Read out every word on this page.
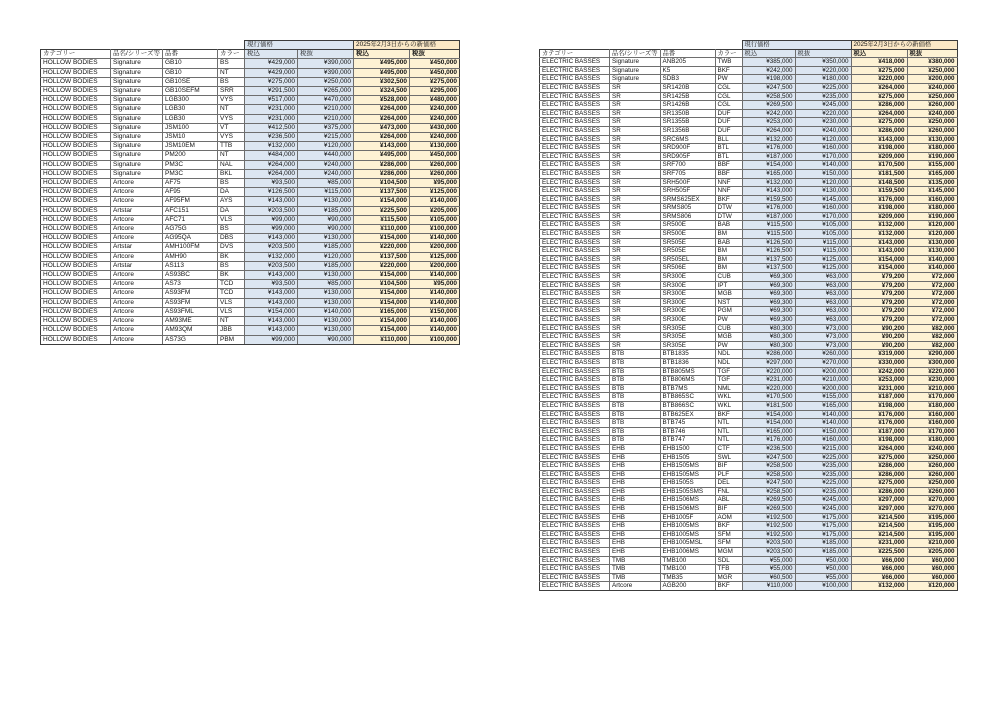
				現行価格		2025年2月3日からの新価格	
カテゴリー	品名/シリーズ等	品番	カラー	税込	税抜	税込	税抜
HOLLOW BODIES	Signature	GB10	BS	¥429,000	¥390,000	¥495,000	¥450,000
HOLLOW BODIES	Signature	GB10	NT	¥429,000	¥390,000	¥495,000	¥450,000
HOLLOW BODIES	Signature	GB10SE	BS	¥275,000	¥250,000	¥302,500	¥275,000
HOLLOW BODIES	Signature	GB10SEFM	SRR	¥291,500	¥265,000	¥324,500	¥295,000
HOLLOW BODIES	Signature	LGB300	VYS	¥517,000	¥470,000	¥528,000	¥480,000
HOLLOW BODIES	Signature	LGB30	NT	¥231,000	¥210,000	¥264,000	¥240,000
HOLLOW BODIES	Signature	LGB30	VYS	¥231,000	¥210,000	¥264,000	¥240,000
HOLLOW BODIES	Signature	JSM100	VT	¥412,500	¥375,000	¥473,000	¥430,000
HOLLOW BODIES	Signature	JSM10	VYS	¥236,500	¥215,000	¥264,000	¥240,000
HOLLOW BODIES	Signature	JSM10EM	TTB	¥132,000	¥120,000	¥143,000	¥130,000
HOLLOW BODIES	Signature	PM200	NT	¥484,000	¥440,000	¥495,000	¥450,000
HOLLOW BODIES	Signature	PM3C	NAL	¥264,000	¥240,000	¥286,000	¥260,000
HOLLOW BODIES	Signature	PM3C	BKL	¥264,000	¥240,000	¥286,000	¥260,000
HOLLOW BODIES	Artcore	AF75	BS	¥93,500	¥85,000	¥104,500	¥95,000
HOLLOW BODIES	Artcore	AF95	DA	¥126,500	¥115,000	¥137,500	¥125,000
HOLLOW BODIES	Artcore	AF95FM	AYS	¥143,000	¥130,000	¥154,000	¥140,000
HOLLOW BODIES	Artstar	AFC151	DA	¥203,500	¥185,000	¥225,500	¥205,000
HOLLOW BODIES	Artcore	AFC71	VLS	¥99,000	¥90,000	¥115,500	¥105,000
HOLLOW BODIES	Artcore	AG75G	BS	¥99,000	¥90,000	¥110,000	¥100,000
HOLLOW BODIES	Artcore	AG95QA	DBS	¥143,000	¥130,000	¥154,000	¥140,000
HOLLOW BODIES	Artstar	AMH100FM	DVS	¥203,500	¥185,000	¥220,000	¥200,000
HOLLOW BODIES	Artcore	AMH90	BK	¥132,000	¥120,000	¥137,500	¥125,000
HOLLOW BODIES	Artstar	AS113	BS	¥203,500	¥185,000	¥220,000	¥200,000
HOLLOW BODIES	Artcore	AS93BC	BK	¥143,000	¥130,000	¥154,000	¥140,000
HOLLOW BODIES	Artcore	AS73	TCD	¥93,500	¥85,000	¥104,500	¥95,000
HOLLOW BODIES	Artcore	AS93FM	TCD	¥143,000	¥130,000	¥154,000	¥140,000
HOLLOW BODIES	Artcore	AS93FM	VLS	¥143,000	¥130,000	¥154,000	¥140,000
HOLLOW BODIES	Artcore	AS93FML	VLS	¥154,000	¥140,000	¥165,000	¥150,000
HOLLOW BODIES	Artcore	AM93ME	NT	¥143,000	¥130,000	¥154,000	¥140,000
HOLLOW BODIES	Artcore	AM93QM	JBB	¥143,000	¥130,000	¥154,000	¥140,000
HOLLOW BODIES	Artcore	AS73G	PBM	¥99,000	¥90,000	¥110,000	¥100,000
				現行価格		2025年2月3日からの新価格	
カテゴリー	品名/シリーズ等	品番	カラー	税込	税抜	税込	税抜
ELECTRIC BASSES	Signature	ANB205	TWB	¥385,000	¥350,000	¥418,000	¥380,000
ELECTRIC BASSES	Signature	K5	BKF	¥242,000	¥220,000	¥275,000	¥250,000
ELECTRIC BASSES	Signature	SDB3	PW	¥198,000	¥180,000	¥220,000	¥200,000
ELECTRIC BASSES	SR	SR1420B	CGL	¥247,500	¥225,000	¥264,000	¥240,000
ELECTRIC BASSES	SR	SR1425B	CGL	¥258,500	¥235,000	¥275,000	¥250,000
ELECTRIC BASSES	SR	SR1426B	CGL	¥269,500	¥245,000	¥286,000	¥260,000
ELECTRIC BASSES	SR	SR1350B	DUF	¥242,000	¥220,000	¥264,000	¥240,000
ELECTRIC BASSES	SR	SR1355B	DUF	¥253,000	¥230,000	¥275,000	¥250,000
ELECTRIC BASSES	SR	SR1356B	DUF	¥264,000	¥240,000	¥286,000	¥260,000
ELECTRIC BASSES	SR	SRC6MS	BLL	¥132,000	¥120,000	¥143,000	¥130,000
ELECTRIC BASSES	SR	SRD900F	BTL	¥176,000	¥160,000	¥198,000	¥180,000
ELECTRIC BASSES	SR	SRD905F	BTL	¥187,000	¥170,000	¥209,000	¥190,000
ELECTRIC BASSES	SR	SRF700	BBF	¥154,000	¥140,000	¥170,500	¥155,000
ELECTRIC BASSES	SR	SRF705	BBF	¥165,000	¥150,000	¥181,500	¥165,000
ELECTRIC BASSES	SR	SRH500F	NNF	¥132,000	¥120,000	¥148,500	¥135,000
ELECTRIC BASSES	SR	SRH505F	NNF	¥143,000	¥130,000	¥159,500	¥145,000
ELECTRIC BASSES	SR	SRMS625EX	BKF	¥159,500	¥145,000	¥176,000	¥160,000
ELECTRIC BASSES	SR	SRMS805	DTW	¥176,000	¥160,000	¥198,000	¥180,000
ELECTRIC BASSES	SR	SRMS806	DTW	¥187,000	¥170,000	¥209,000	¥190,000
ELECTRIC BASSES	SR	SR500E	BAB	¥115,500	¥105,000	¥132,000	¥120,000
ELECTRIC BASSES	SR	SR500E	BM	¥115,500	¥105,000	¥132,000	¥120,000
ELECTRIC BASSES	SR	SR505E	BAB	¥126,500	¥115,000	¥143,000	¥130,000
ELECTRIC BASSES	SR	SR505E	BM	¥126,500	¥115,000	¥143,000	¥130,000
ELECTRIC BASSES	SR	SR505EL	BM	¥137,500	¥125,000	¥154,000	¥140,000
ELECTRIC BASSES	SR	SR506E	BM	¥137,500	¥125,000	¥154,000	¥140,000
ELECTRIC BASSES	SR	SR300E	CUB	¥69,300	¥63,000	¥79,200	¥72,000
ELECTRIC BASSES	SR	SR300E	IPT	¥69,300	¥63,000	¥79,200	¥72,000
ELECTRIC BASSES	SR	SR300E	MGB	¥69,300	¥63,000	¥79,200	¥72,000
ELECTRIC BASSES	SR	SR300E	NST	¥69,300	¥63,000	¥79,200	¥72,000
ELECTRIC BASSES	SR	SR300E	PGM	¥69,300	¥63,000	¥79,200	¥72,000
ELECTRIC BASSES	SR	SR300E	PW	¥69,300	¥63,000	¥79,200	¥72,000
ELECTRIC BASSES	SR	SR305E	CUB	¥80,300	¥73,000	¥90,200	¥82,000
ELECTRIC BASSES	SR	SR305E	MGB	¥80,300	¥73,000	¥90,200	¥82,000
ELECTRIC BASSES	SR	SR305E	PW	¥80,300	¥73,000	¥90,200	¥82,000
ELECTRIC BASSES	BTB	BTB1835	NDL	¥286,000	¥260,000	¥319,000	¥290,000
ELECTRIC BASSES	BTB	BTB1836	NDL	¥297,000	¥270,000	¥330,000	¥300,000
ELECTRIC BASSES	BTB	BTB805MS	TGF	¥220,000	¥200,000	¥242,000	¥220,000
ELECTRIC BASSES	BTB	BTB806MS	TGF	¥231,000	¥210,000	¥253,000	¥230,000
ELECTRIC BASSES	BTB	BTB7MS	NML	¥220,000	¥200,000	¥231,000	¥210,000
ELECTRIC BASSES	BTB	BTB865SC	WKL	¥170,500	¥155,000	¥187,000	¥170,000
ELECTRIC BASSES	BTB	BTB866SC	WKL	¥181,500	¥165,000	¥198,000	¥180,000
ELECTRIC BASSES	BTB	BTB625EX	BKF	¥154,000	¥140,000	¥176,000	¥160,000
ELECTRIC BASSES	BTB	BTB745	NTL	¥154,000	¥140,000	¥176,000	¥160,000
ELECTRIC BASSES	BTB	BTB746	NTL	¥165,000	¥150,000	¥187,000	¥170,000
ELECTRIC BASSES	BTB	BTB747	NTL	¥176,000	¥160,000	¥198,000	¥180,000
ELECTRIC BASSES	EHB	EHB1500	CTF	¥236,500	¥215,000	¥264,000	¥240,000
ELECTRIC BASSES	EHB	EHB1505	SWL	¥247,500	¥225,000	¥275,000	¥250,000
ELECTRIC BASSES	EHB	EHB1505MS	BIF	¥258,500	¥235,000	¥286,000	¥260,000
ELECTRIC BASSES	EHB	EHB1505MS	PLF	¥258,500	¥235,000	¥286,000	¥260,000
ELECTRIC BASSES	EHB	EHB1505S	DEL	¥247,500	¥225,000	¥275,000	¥250,000
ELECTRIC BASSES	EHB	EHB1505SMS	FNL	¥258,500	¥235,000	¥286,000	¥260,000
ELECTRIC BASSES	EHB	EHB1506MS	ABL	¥269,500	¥245,000	¥297,000	¥270,000
ELECTRIC BASSES	EHB	EHB1506MS	BIF	¥269,500	¥245,000	¥297,000	¥270,000
ELECTRIC BASSES	EHB	EHB1005F	AOM	¥192,500	¥175,000	¥214,500	¥195,000
ELECTRIC BASSES	EHB	EHB1005MS	BKF	¥192,500	¥175,000	¥214,500	¥195,000
ELECTRIC BASSES	EHB	EHB1005MS	SFM	¥192,500	¥175,000	¥214,500	¥195,000
ELECTRIC BASSES	EHB	EHB1005MSL	SFM	¥203,500	¥185,000	¥231,000	¥210,000
ELECTRIC BASSES	EHB	EHB1006MS	MGM	¥203,500	¥185,000	¥225,500	¥205,000
ELECTRIC BASSES	TMB	TMB100	SDL	¥55,000	¥50,000	¥66,000	¥60,000
ELECTRIC BASSES	TMB	TMB100	TFB	¥55,000	¥50,000	¥66,000	¥60,000
ELECTRIC BASSES	TMB	TMB35	MGR	¥60,500	¥55,000	¥66,000	¥60,000
ELECTRIC BASSES	Artcore	AGB200	BKF	¥110,000	¥100,000	¥132,000	¥120,000
